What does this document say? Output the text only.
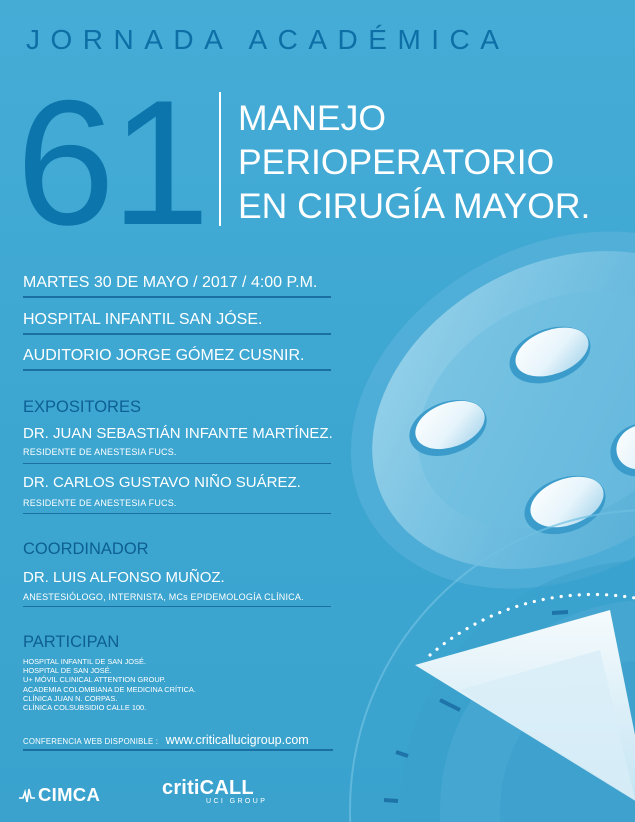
JORNADA ACADÉMICA
61 MANEJO
PERIOPERATORIO
EN CIRUGÍA MAYOR.
MARTES 30 DE MAYO / 2017 / 4:00 P.M.
HOSPITAL INFANTIL SAN JÓSE.
AUDITORIO JORGE GÓMEZ CUSNIR.
EXPOSITORES
DR. JUAN SEBASTIÁN INFANTE MARTÍNEZ.
RESIDENTE DE ANESTESIA FUCS.
DR. CARLOS GUSTAVO NIÑO SUÁREZ.
RESIDENTE DE ANESTESIA FUCS.
COORDINADOR
DR. LUIS ALFONSO MUÑOZ.
ANESTESIÓLOGO, INTERNISTA, MCs EPIDEMOLOGÍA CLÍNICA.
PARTICIPAN
HOSPITAL INFANTIL DE SAN JOSÉ.
HOSPITAL DE SAN JOSÉ.
U+ MÓVIL CLINICAL ATTENTION GROUP.
ACADEMIA COLOMBIANA DE MEDICINA CRÍTICA.
CLÍNICA JUAN N. CORPAS.
CLÍNICA COLSUBSIDIO CALLE 100.
CONFERENCIA WEB DISPONIBLE : www.criticallucigroup.com
CIMCA	critiCALL
UCI GROUP
